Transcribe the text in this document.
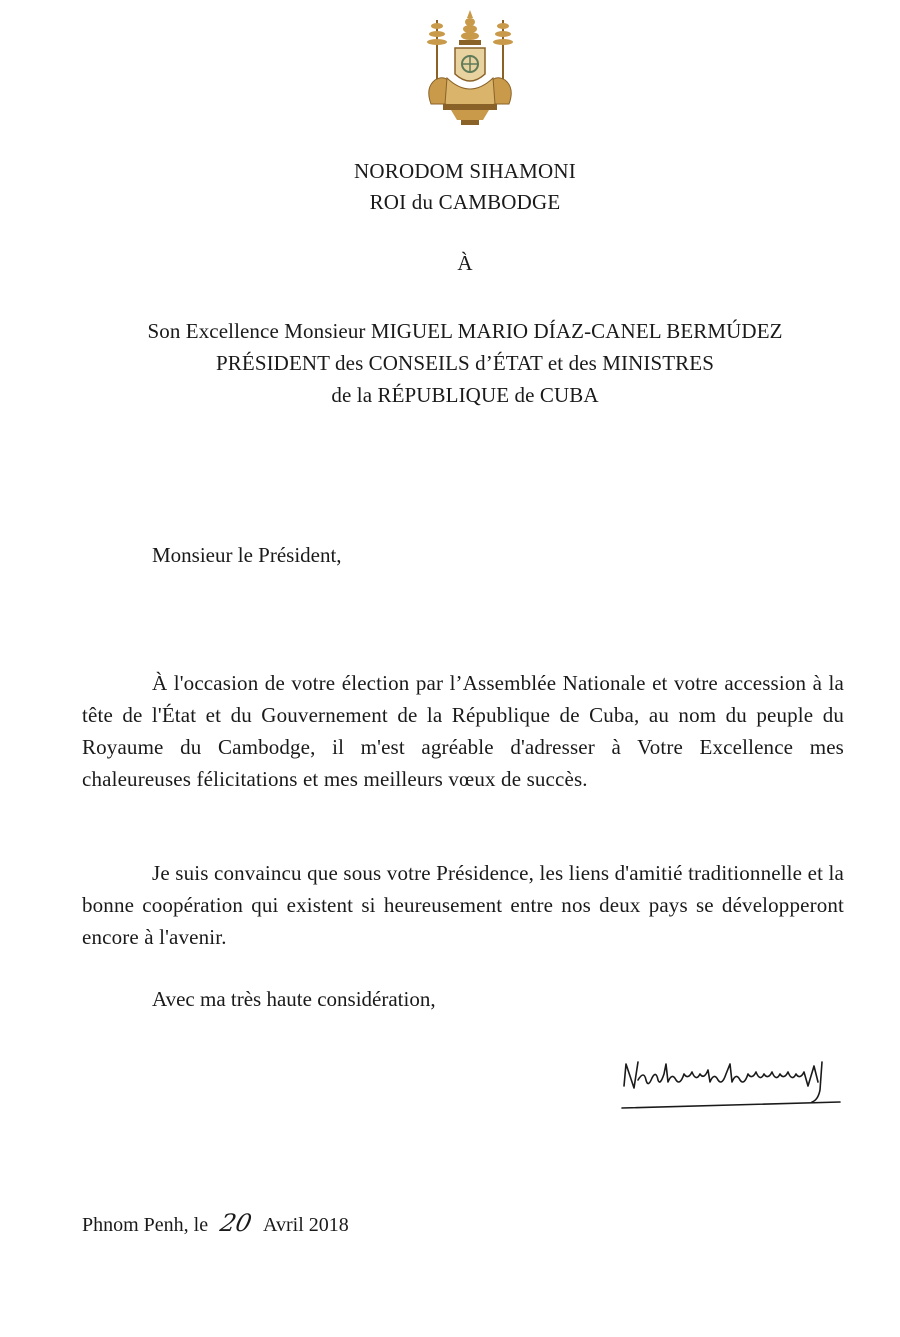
NORODOM SIHAMONI
ROI du CAMBODGE
À
Son Excellence Monsieur MIGUEL MARIO DÍAZ-CANEL BERMÚDEZ
PRÉSIDENT des CONSEILS d’ÉTAT et des MINISTRES
de la RÉPUBLIQUE de CUBA
Monsieur le Président,
À l'occasion de votre élection par l’Assemblée Nationale et votre accession à la tête de l'État et du Gouvernement de la République de Cuba, au nom du peuple du Royaume du Cambodge, il m'est agréable d'adresser à Votre Excellence mes chaleureuses félicitations et mes meilleurs vœux de succès.
Je suis convaincu que sous votre Présidence, les liens d'amitié traditionnelle et la bonne coopération qui existent si heureusement entre nos deux pays se développeront encore à l'avenir.
Avec ma très haute considération,
Phnom Penh, le 20 Avril 2018
